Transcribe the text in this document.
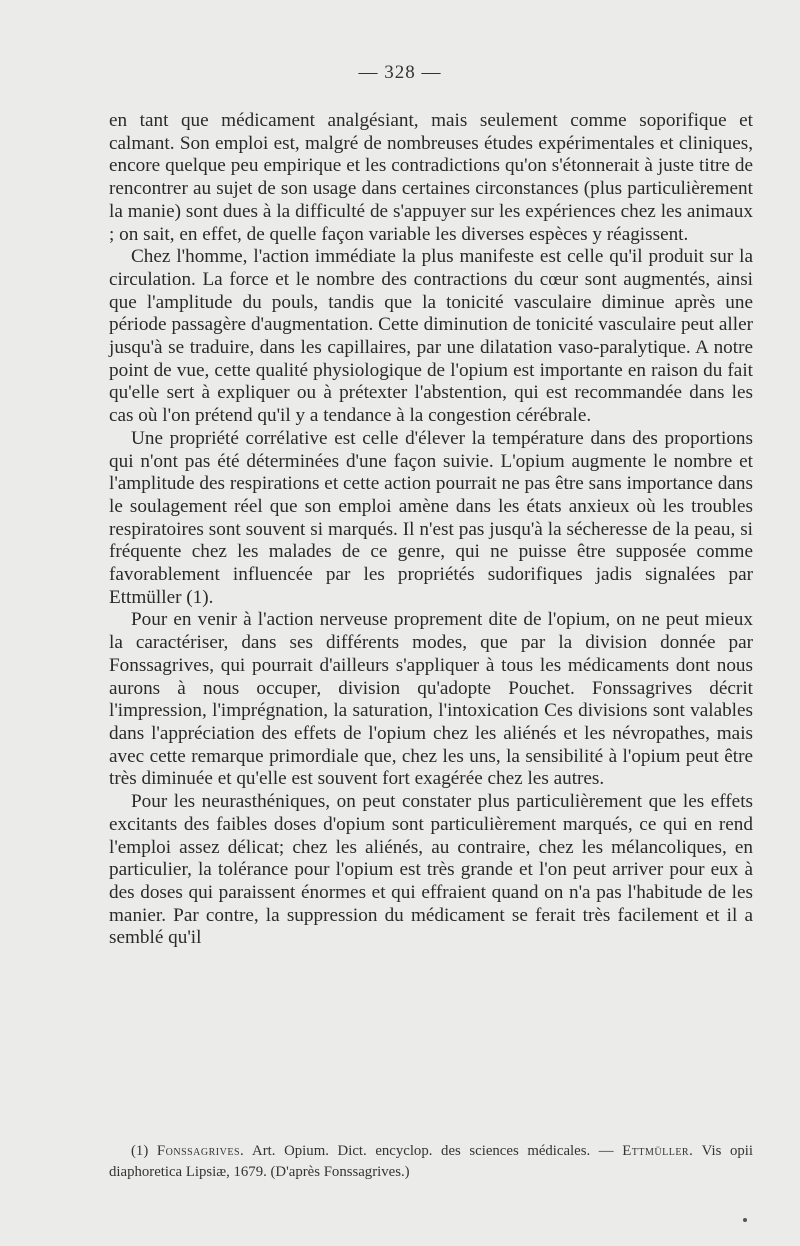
— 328 —

en tant que médicament analgésiant, mais seulement comme soporifique et calmant. Son emploi est, malgré de nombreuses études expérimentales et cliniques, encore quelque peu empirique et les contradictions qu'on s'étonnerait à juste titre de rencontrer au sujet de son usage dans certaines circonstances (plus particulièrement la manie) sont dues à la difficulté de s'appuyer sur les expériences chez les animaux ; on sait, en effet, de quelle façon variable les diverses espèces y réagissent.

Chez l'homme, l'action immédiate la plus manifeste est celle qu'il produit sur la circulation. La force et le nombre des contractions du cœur sont augmentés, ainsi que l'amplitude du pouls, tandis que la tonicité vasculaire diminue après une période passagère d'augmentation. Cette diminution de tonicité vasculaire peut aller jusqu'à se traduire, dans les capillaires, par une dilatation vaso-paralytique. A notre point de vue, cette qualité physiologique de l'opium est importante en raison du fait qu'elle sert à expliquer ou à prétexter l'abstention, qui est recommandée dans les cas où l'on prétend qu'il y a tendance à la congestion cérébrale.

Une propriété corrélative est celle d'élever la température dans des proportions qui n'ont pas été déterminées d'une façon suivie. L'opium augmente le nombre et l'amplitude des respirations et cette action pourrait ne pas être sans importance dans le soulagement réel que son emploi amène dans les états anxieux où les troubles respiratoires sont souvent si marqués. Il n'est pas jusqu'à la sécheresse de la peau, si fréquente chez les malades de ce genre, qui ne puisse être supposée comme favorablement influencée par les propriétés sudorifiques jadis signalées par Ettmüller (1).

Pour en venir à l'action nerveuse proprement dite de l'opium, on ne peut mieux la caractériser, dans ses différents modes, que par la division donnée par Fonssagrives, qui pourrait d'ailleurs s'appliquer à tous les médicaments dont nous aurons à nous occuper, division qu'adopte Pouchet. Fonssagrives décrit l'impression, l'imprégnation, la saturation, l'intoxication Ces divisions sont valables dans l'appréciation des effets de l'opium chez les aliénés et les névropathes, mais avec cette remarque primordiale que, chez les uns, la sensibilité à l'opium peut être très diminuée et qu'elle est souvent fort exagérée chez les autres.

Pour les neurasthéniques, on peut constater plus particulièrement que les effets excitants des faibles doses d'opium sont particulièrement marqués, ce qui en rend l'emploi assez délicat; chez les aliénés, au contraire, chez les mélancoliques, en particulier, la tolérance pour l'opium est très grande et l'on peut arriver pour eux à des doses qui paraissent énormes et qui effraient quand on n'a pas l'habitude de les manier. Par contre, la suppression du médicament se ferait très facilement et il a semblé qu'il

(1) Fonssagrives. Art. Opium. Dict. encyclop. des sciences médicales. — Ettmüller. Vis opii diaphoretica Lipsiæ, 1679. (D'après Fonssagrives.)
